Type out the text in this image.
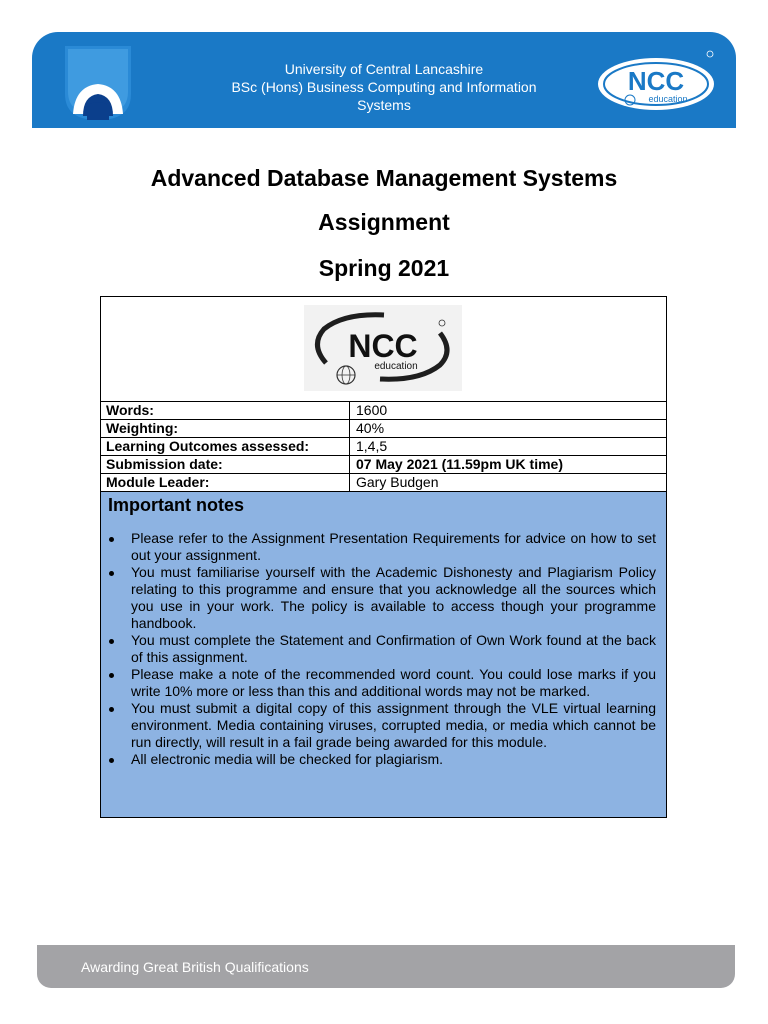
University of Central Lancashire
BSc (Hons) Business Computing and Information
Systems
NCC
education
Advanced Database Management Systems
Assignment
Spring 2021
NCC
education
Words:	1600
Weighting:	40%
Learning Outcomes assessed:	1,4,5
Submission date:	07 May 2021 (11.59pm UK time)
Module Leader:	Gary Budgen
Important notes
Please refer to the Assignment Presentation Requirements for advice on how to set out your assignment.
You must familiarise yourself with the Academic Dishonesty and Plagiarism Policy relating to this programme and ensure that you acknowledge all the sources which you use in your work. The policy is available to access though your programme handbook.
You must complete the Statement and Confirmation of Own Work found at the back of this assignment.
Please make a note of the recommended word count. You could lose marks if you write 10% more or less than this and additional words may not be marked.
You must submit a digital copy of this assignment through the VLE virtual learning environment. Media containing viruses, corrupted media, or media which cannot be run directly, will result in a fail grade being awarded for this module.
All electronic media will be checked for plagiarism.
Awarding Great British Qualifications
